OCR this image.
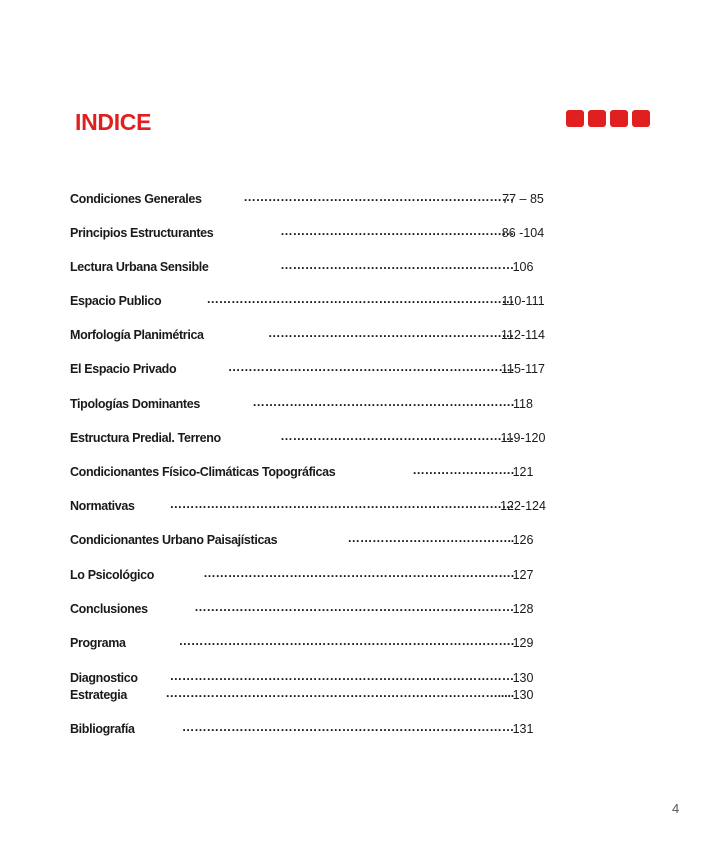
INDICE
Condiciones Generales	…………………………………………………………
77 – 85
Principios Estructurantes	…………………………………………………
86 -104
Lectura Urbana Sensible	…………………………………………………
106
Espacio Publico	…………………………………………………………………
110-111
Morfología Planimétrica	……………………………………………………
112-114
El Espacio Privado	…………………………………………………………….
115-117
Tipologías Dominantes	………………………………………………………. 118
Estructura Predial. Terreno	…………………………………………………
119-120
Condicionantes Físico-Climáticas Topográficas	…………………….
121
Normativas	…………………………………………………………………………
122-124
Condicionantes Urbano Paisajísticas	…………………………………..
126
Lo Psicológico	………………………………………………………………….
127
Conclusiones	……………………………………………………………………
128
Programa	……………………………………………………………………….
129
Diagnostico	…………………………………………………………………………
130
Estrategia	……………………………………………………………………….....
130
Bibliografía	………………………………………………………………………
131
4
